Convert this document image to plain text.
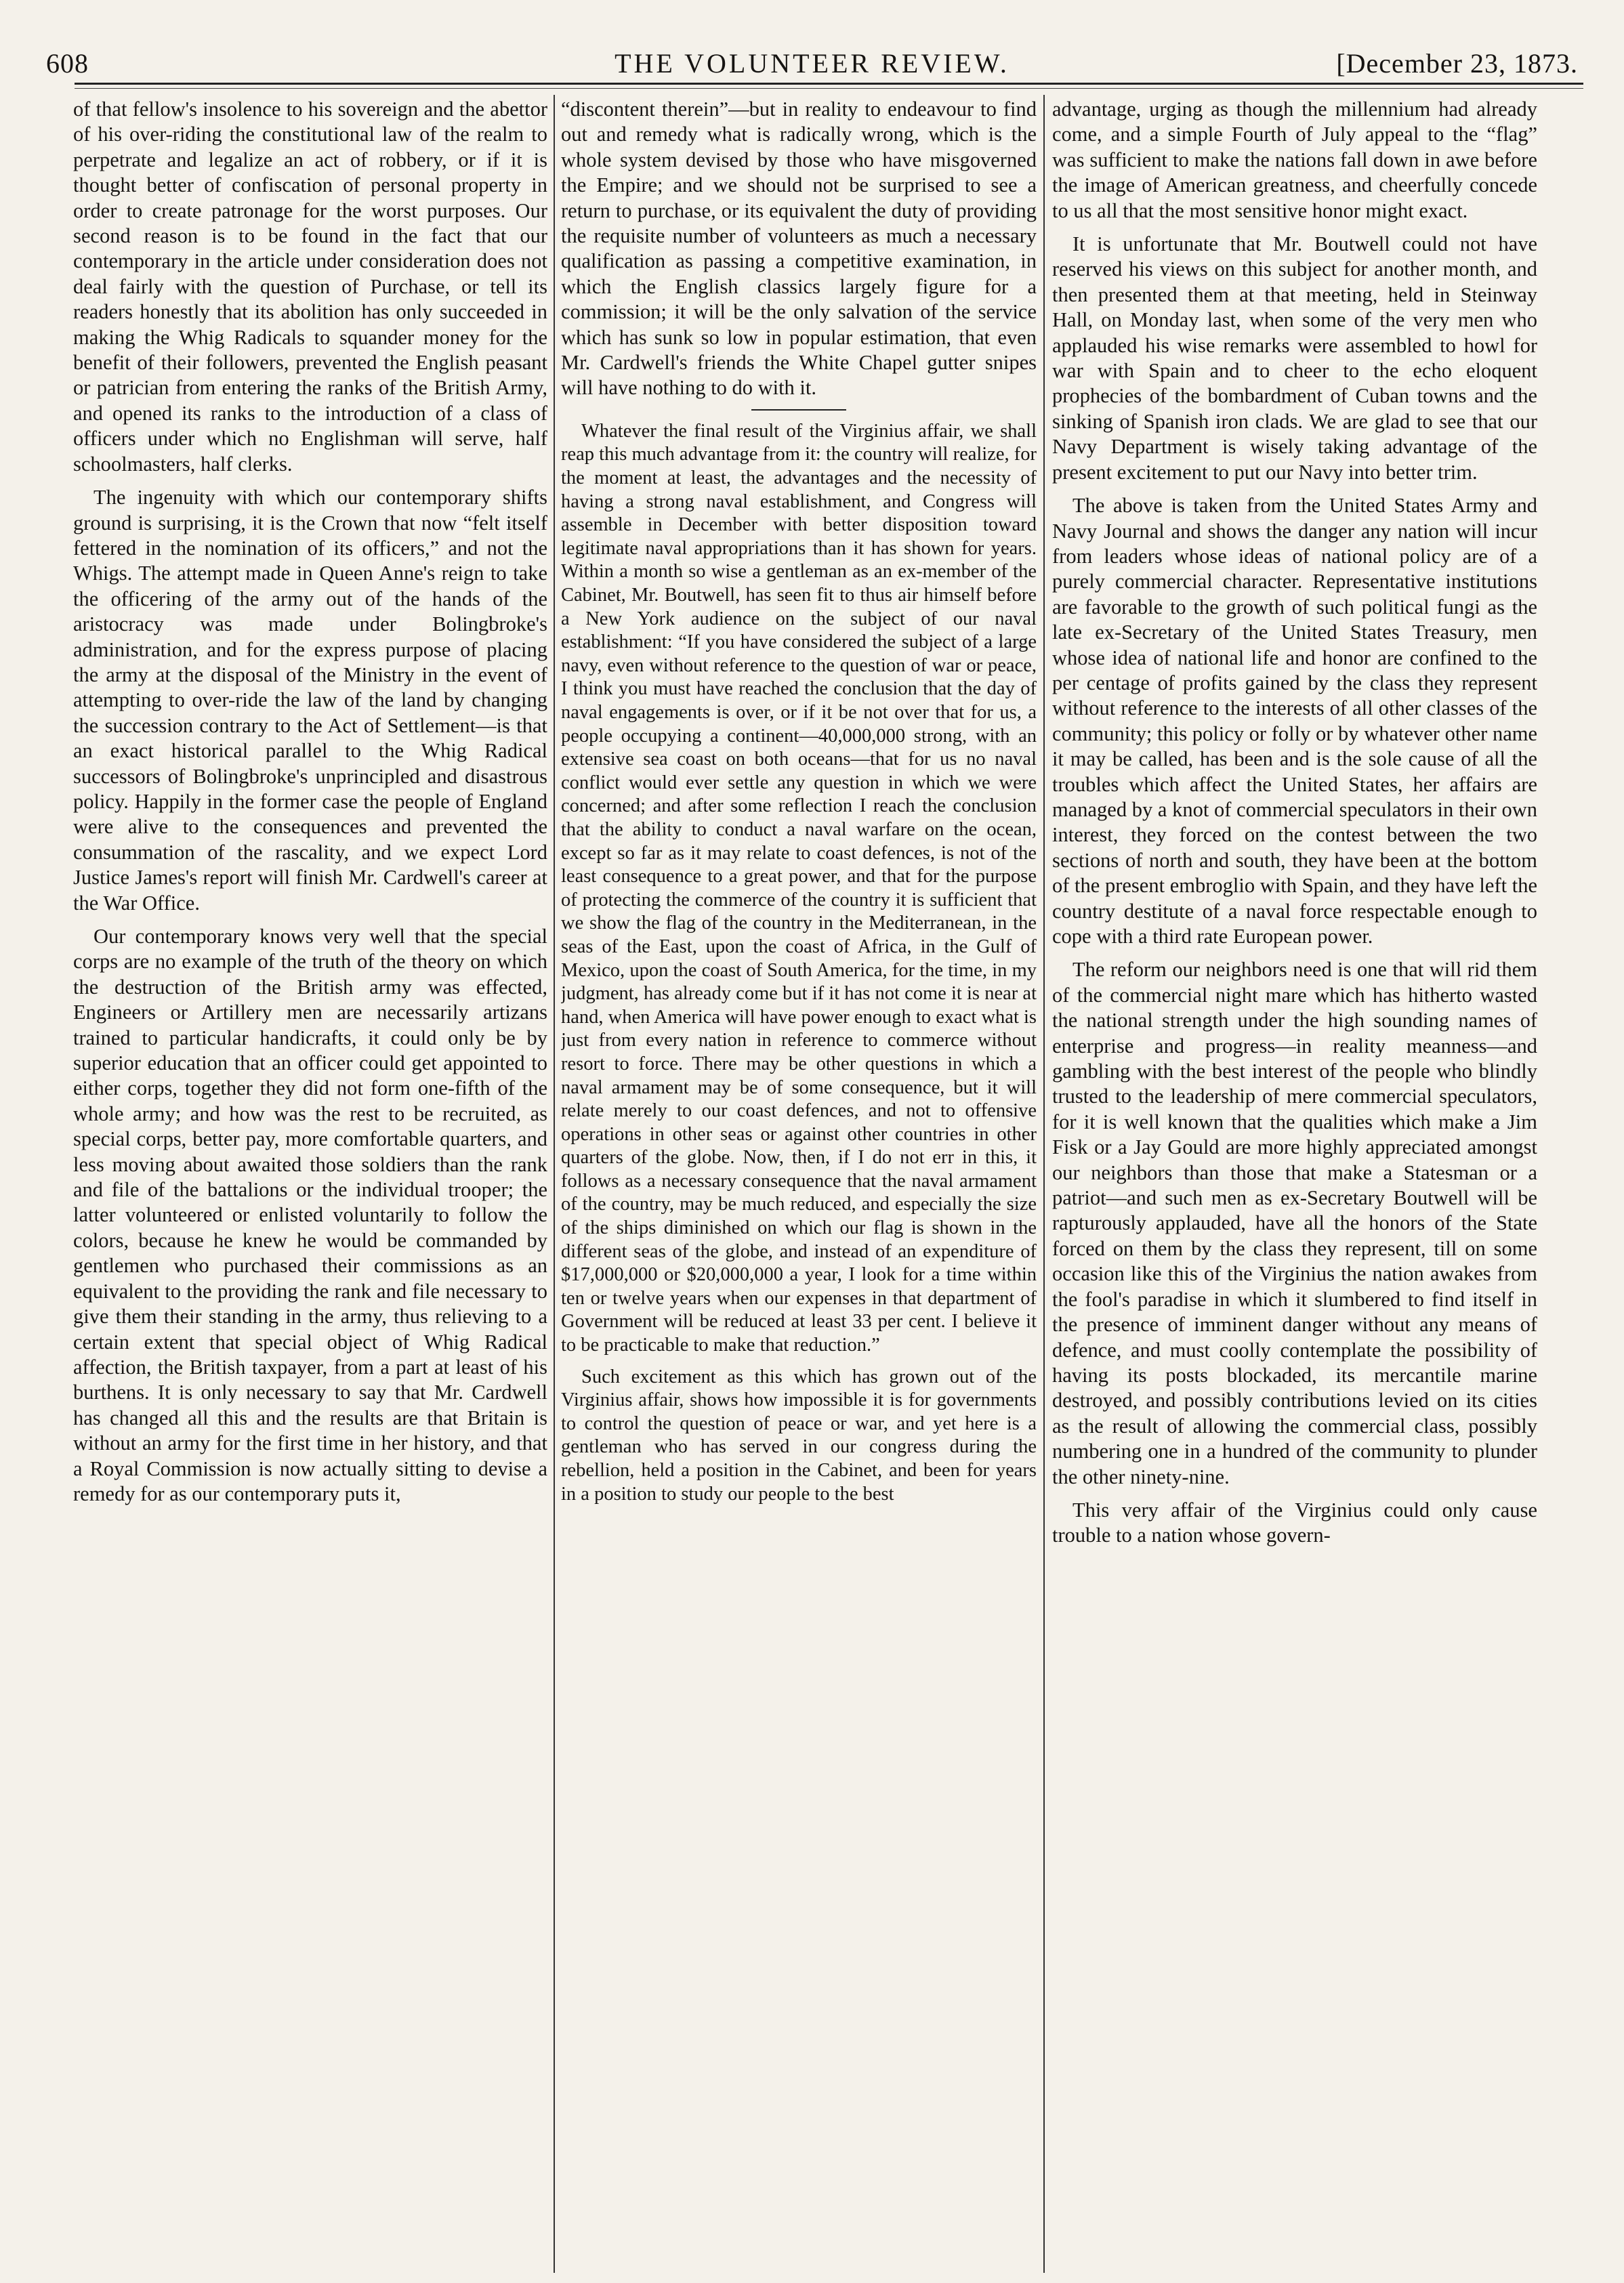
608	THE VOLUNTEER REVIEW.	[December 23, 1873.

of that fellow's insolence to his sovereign and the abettor of his over-riding the constitutional law of the realm to perpetrate and legalize an act of robbery, or if it is thought better of confiscation of personal property in order to create patronage for the worst purposes. Our second reason is to be found in the fact that our contemporary in the article under consideration does not deal fairly with the question of Purchase, or tell its readers honestly that its abolition has only succeeded in making the Whig Radicals to squander money for the benefit of their followers, prevented the English peasant or patrician from entering the ranks of the British Army, and opened its ranks to the introduction of a class of officers under which no Englishman will serve, half schoolmasters, half clerks.

The ingenuity with which our contemporary shifts ground is surprising, it is the Crown that now “felt itself fettered in the nomination of its officers,” and not the Whigs. The attempt made in Queen Anne's reign to take the officering of the army out of the hands of the aristocracy was made under Bolingbroke's administration, and for the express purpose of placing the army at the disposal of the Ministry in the event of attempting to over-ride the law of the land by changing the succession contrary to the Act of Settlement—is that an exact historical parallel to the Whig Radical successors of Bolingbroke's unprincipled and disastrous policy. Happily in the former case the people of England were alive to the consequences and prevented the consummation of the rascality, and we expect Lord Justice James's report will finish Mr. Cardwell's career at the War Office.

Our contemporary knows very well that the special corps are no example of the truth of the theory on which the destruction of the British army was effected, Engineers or Artillery men are necessarily artizans trained to particular handicrafts, it could only be by superior education that an officer could get appointed to either corps, together they did not form one-fifth of the whole army; and how was the rest to be recruited, as special corps, better pay, more comfortable quarters, and less moving about awaited those soldiers than the rank and file of the battalions or the individual trooper; the latter volunteered or enlisted voluntarily to follow the colors, because he knew he would be commanded by gentlemen who purchased their commissions as an equivalent to the providing the rank and file necessary to give them their standing in the army, thus relieving to a certain extent that special object of Whig Radical affection, the British taxpayer, from a part at least of his burthens. It is only necessary to say that Mr. Cardwell has changed all this and the results are that Britain is without an army for the first time in her history, and that a Royal Commission is now actually sitting to devise a remedy for as our contemporary puts it,

“discontent therein”—but in reality to endeavour to find out and remedy what is radically wrong, which is the whole system devised by those who have misgoverned the Empire; and we should not be surprised to see a return to purchase, or its equivalent the duty of providing the requisite number of volunteers as much a necessary qualification as passing a competitive examination, in which the English classics largely figure for a commission; it will be the only salvation of the service which has sunk so low in popular estimation, that even Mr. Cardwell's friends the White Chapel gutter snipes will have nothing to do with it.

Whatever the final result of the Virginius affair, we shall reap this much advantage from it: the country will realize, for the moment at least, the advantages and the necessity of having a strong naval establishment, and Congress will assemble in December with better disposition toward legitimate naval appropriations than it has shown for years. Within a month so wise a gentleman as an ex-member of the Cabinet, Mr. Boutwell, has seen fit to thus air himself before a New York audience on the subject of our naval establishment: “If you have considered the subject of a large navy, even without reference to the question of war or peace, I think you must have reached the conclusion that the day of naval engagements is over, or if it be not over that for us, a people occupying a continent—40,000,000 strong, with an extensive sea coast on both oceans—that for us no naval conflict would ever settle any question in which we were concerned; and after some reflection I reach the conclusion that the ability to conduct a naval warfare on the ocean, except so far as it may relate to coast defences, is not of the least consequence to a great power, and that for the purpose of protecting the commerce of the country it is sufficient that we show the flag of the country in the Mediterranean, in the seas of the East, upon the coast of Africa, in the Gulf of Mexico, upon the coast of South America, for the time, in my judgment, has already come but if it has not come it is near at hand, when America will have power enough to exact what is just from every nation in reference to commerce without resort to force. There may be other questions in which a naval armament may be of some consequence, but it will relate merely to our coast defences, and not to offensive operations in other seas or against other countries in other quarters of the globe. Now, then, if I do not err in this, it follows as a necessary consequence that the naval armament of the country, may be much reduced, and especially the size of the ships diminished on which our flag is shown in the different seas of the globe, and instead of an expenditure of $17,000,000 or $20,000,000 a year, I look for a time within ten or twelve years when our expenses in that department of Government will be reduced at least 33 per cent. I believe it to be practicable to make that reduction.”

Such excitement as this which has grown out of the Virginius affair, shows how impossible it is for governments to control the question of peace or war, and yet here is a gentleman who has served in our congress during the rebellion, held a position in the Cabinet, and been for years in a position to study our people to the best

advantage, urging as though the millennium had already come, and a simple Fourth of July appeal to the “flag” was sufficient to make the nations fall down in awe before the image of American greatness, and cheerfully concede to us all that the most sensitive honor might exact.

It is unfortunate that Mr. Boutwell could not have reserved his views on this subject for another month, and then presented them at that meeting, held in Steinway Hall, on Monday last, when some of the very men who applauded his wise remarks were assembled to howl for war with Spain and to cheer to the echo eloquent prophecies of the bombardment of Cuban towns and the sinking of Spanish iron clads. We are glad to see that our Navy Department is wisely taking advantage of the present excitement to put our Navy into better trim.

The above is taken from the United States Army and Navy Journal and shows the danger any nation will incur from leaders whose ideas of national policy are of a purely commercial character. Representative institutions are favorable to the growth of such political fungi as the late ex-Secretary of the United States Treasury, men whose idea of national life and honor are confined to the per centage of profits gained by the class they represent without reference to the interests of all other classes of the community; this policy or folly or by whatever other name it may be called, has been and is the sole cause of all the troubles which affect the United States, her affairs are managed by a knot of commercial speculators in their own interest, they forced on the contest between the two sections of north and south, they have been at the bottom of the present embroglio with Spain, and they have left the country destitute of a naval force respectable enough to cope with a third rate European power.

The reform our neighbors need is one that will rid them of the commercial night mare which has hitherto wasted the national strength under the high sounding names of enterprise and progress—in reality meanness—and gambling with the best interest of the people who blindly trusted to the leadership of mere commercial speculators, for it is well known that the qualities which make a Jim Fisk or a Jay Gould are more highly appreciated amongst our neighbors than those that make a Statesman or a patriot—and such men as ex-Secretary Boutwell will be rapturously applauded, have all the honors of the State forced on them by the class they represent, till on some occasion like this of the Virginius the nation awakes from the fool's paradise in which it slumbered to find itself in the presence of imminent danger without any means of defence, and must coolly contemplate the possibility of having its posts blockaded, its mercantile marine destroyed, and possibly contributions levied on its cities as the result of allowing the commercial class, possibly numbering one in a hundred of the community to plunder the other ninety-nine.

This very affair of the Virginius could only cause trouble to a nation whose govern-
